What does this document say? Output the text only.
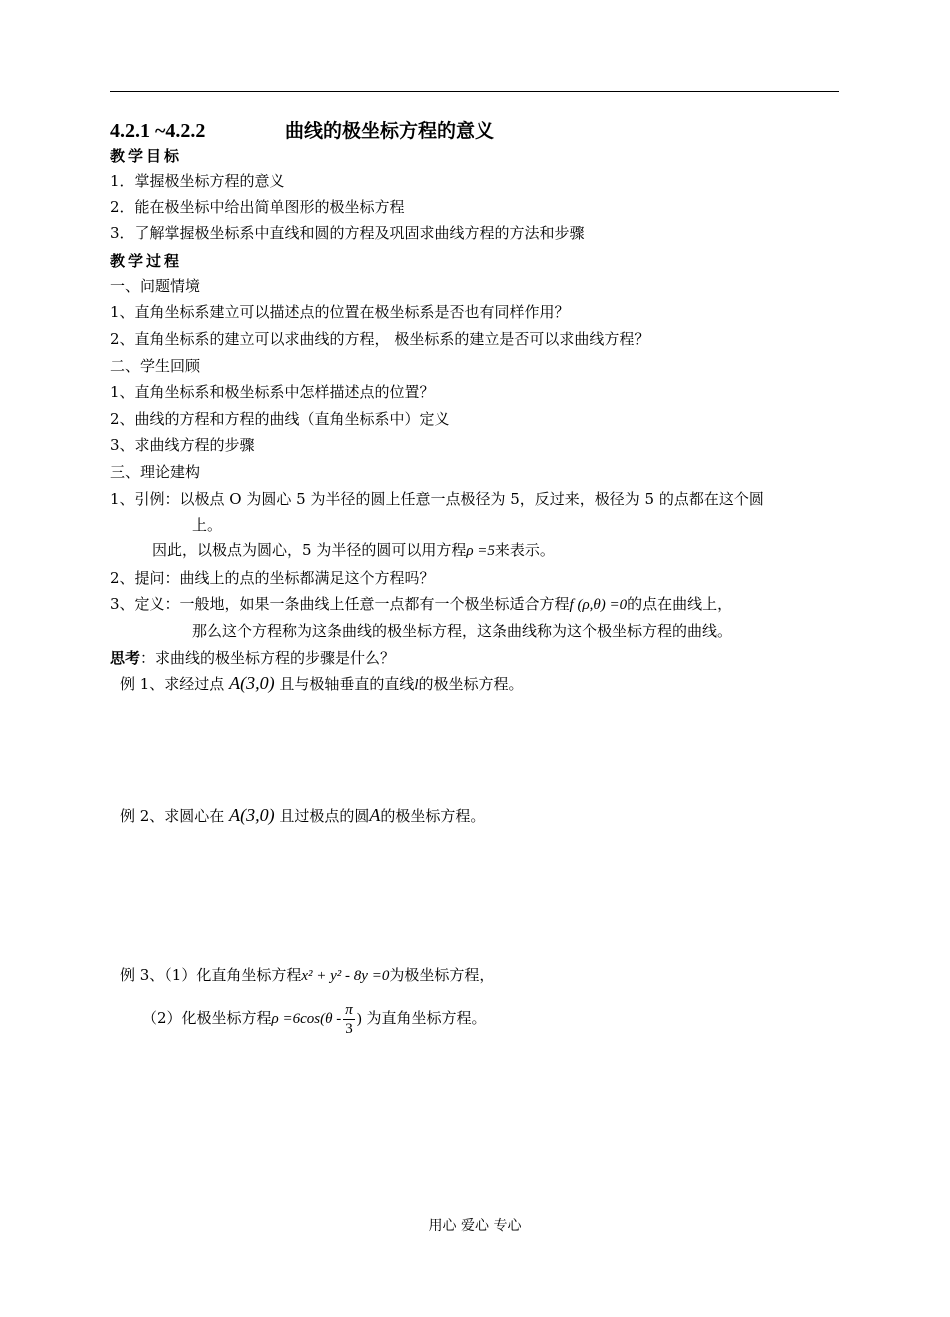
4.2.1 ~4.2.2	曲线的极坐标方程的意义
教学目标
1．掌握极坐标方程的意义
2．能在极坐标中给出简单图形的极坐标方程
3．了解掌握极坐标系中直线和圆的方程及巩固求曲线方程的方法和步骤
教学过程
一、问题情境
1、直角坐标系建立可以描述点的位置在极坐标系是否也有同样作用？
2、直角坐标系的建立可以求曲线的方程， 极坐标系的建立是否可以求曲线方程？
二、学生回顾
1、直角坐标系和极坐标系中怎样描述点的位置？
2、曲线的方程和方程的曲线（直角坐标系中）定义
3、求曲线方程的步骤
三、理论建构
1、引例：以极点 O 为圆心 5 为半径的圆上任意一点极径为 5，反过来，极径为 5 的点都在这个圆
上。
因此，以极点为圆心，5 为半径的圆可以用方程ρ =5来表示。
2、提问：曲线上的点的坐标都满足这个方程吗？
3、定义：一般地，如果一条曲线上任意一点都有一个极坐标适合方程f (ρ,θ) =0的点在曲线上，
那么这个方程称为这条曲线的极坐标方程，这条曲线称为这个极坐标方程的曲线。
思考：求曲线的极坐标方程的步骤是什么？
例 1、求经过点 A(3,0) 且与极轴垂直的直线l的极坐标方程。
例 2、求圆心在 A(3,0) 且过极点的圆A的极坐标方程。
例 3、（1）化直角坐标方程x² + y² - 8y =0为极坐标方程，
（2）化极坐标方程$\rho =6\cos(\theta - \frac{\pi}{3}$ ) 为直角坐标方程。
用心 爱心 专心
